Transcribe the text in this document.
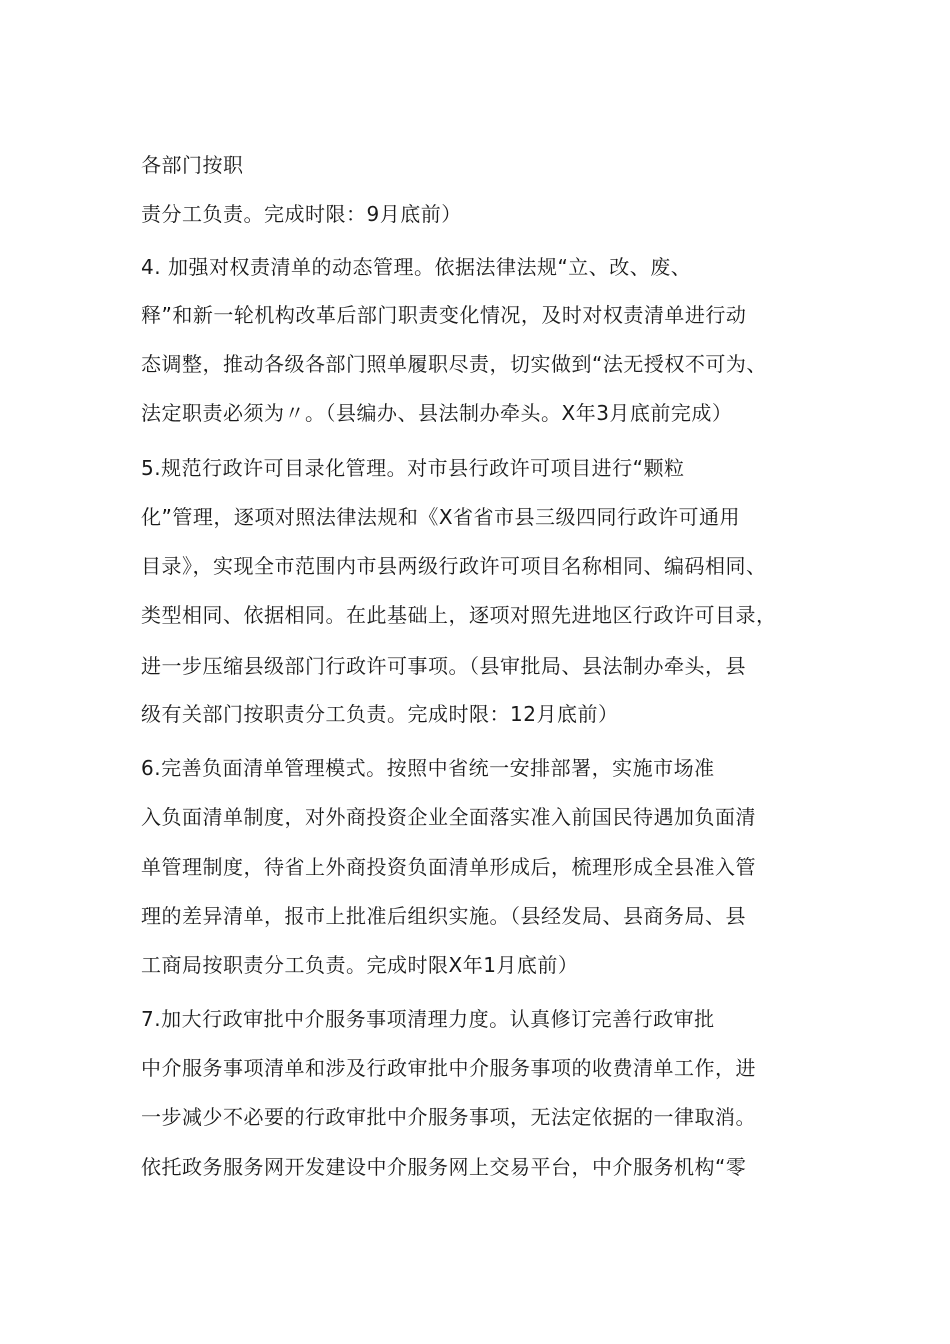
各部门按职
责分工负责。完成时限：9月底前）
4. 加强对权责清单的动态管理。依据法律法规“立、改、废、
释”和新一轮机构改革后部门职责变化情况，及时对权责清单进行动
态调整，推动各级各部门照单履职尽责，切实做到“法无授权不可为、
法定职责必须为〃。（县编办、县法制办牵头。X年3月底前完成）
5.规范行政许可目录化管理。对市县行政许可项目进行“颗粒
化”管理，逐项对照法律法规和《X省省市县三级四同行政许可通用
目录》，实现全市范围内市县两级行政许可项目名称相同、编码相同、
类型相同、依据相同。在此基础上，逐项对照先进地区行政许可目录，
进一步压缩县级部门行政许可事项。（县审批局、县法制办牵头，县
级有关部门按职责分工负责。完成时限：12月底前）
6.完善负面清单管理模式。按照中省统一安排部署，实施市场准
入负面清单制度，对外商投资企业全面落实准入前国民待遇加负面清
单管理制度，待省上外商投资负面清单形成后，梳理形成全县准入管
理的差异清单，报市上批准后组织实施。（县经发局、县商务局、县
工商局按职责分工负责。完成时限X年1月底前）
7.加大行政审批中介服务事项清理力度。认真修订完善行政审批
中介服务事项清单和涉及行政审批中介服务事项的收费清单工作，进
一步减少不必要的行政审批中介服务事项，无法定依据的一律取消。
依托政务服务网开发建设中介服务网上交易平台，中介服务机构“零
